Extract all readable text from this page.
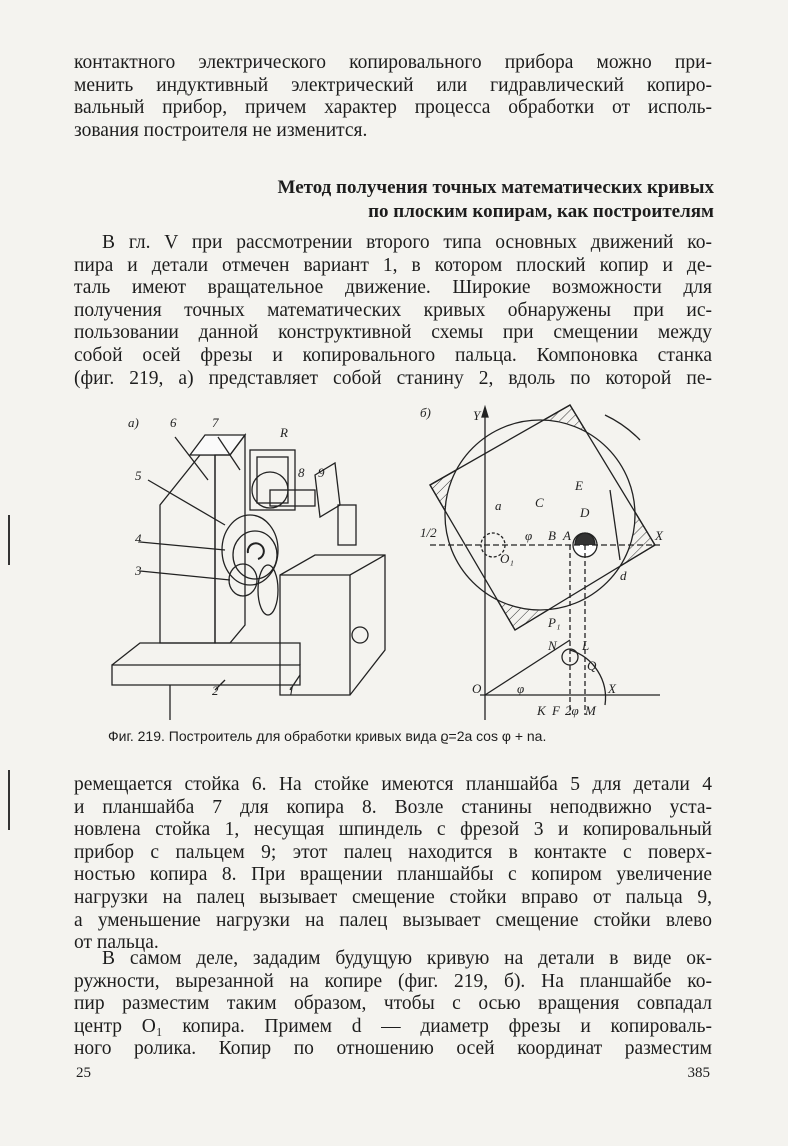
контактного электрического копировального прибора можно при-
менить индуктивный электрический или гидравлический копиро-
вальный прибор, причем характер процесса обработки от исполь-
зования построителя не изменится.

Метод получения точных математических кривых
по плоским копирам, как построителям

В гл. V при рассмотрении второго типа основных движений ко-
пира и детали отмечен вариант 1, в котором плоский копир и де-
таль имеют вращательное движение. Широкие возможности для
получения точных математических кривых обнаружены при ис-
пользовании данной конструктивной схемы при смещении между
собой осей фрезы и копировального пальца. Компоновка станка
(фиг. 219, а) представляет собой станину 2, вдоль по которой пе-

а) 6	7
R
8 9
5
4
3
2	1
б)	Y
E
D
C
a
1/2	φ B A
O₁
X
d
P₁
N L
Q
O	φ	X
K F 2φ M
Фиг. 219. Построитель для обработки кривых вида ϱ=2a cos φ + na.

ремещается стойка 6. На стойке имеются планшайба 5 для детали 4
и планшайба 7 для копира 8. Возле станины неподвижно уста-
новлена стойка 1, несущая шпиндель с фрезой 3 и копировальный
прибор с пальцем 9; этот палец находится в контакте с поверх-
ностью копира 8. При вращении планшайбы с копиром увеличение
нагрузки на палец вызывает смещение стойки вправо от пальца 9,
а уменьшение нагрузки на палец вызывает смещение стойки влево
от пальца.

В самом деле, зададим будущую кривую на детали в виде ок-
ружности, вырезанной на копире (фиг. 219, б). На планшайбе ко-
пир разместим таким образом, чтобы с осью вращения совпадал
центр O₁ копира. Примем d — диаметр фрезы и копироваль-
ного ролика. Копир по отношению осей координат разместим

25	385
